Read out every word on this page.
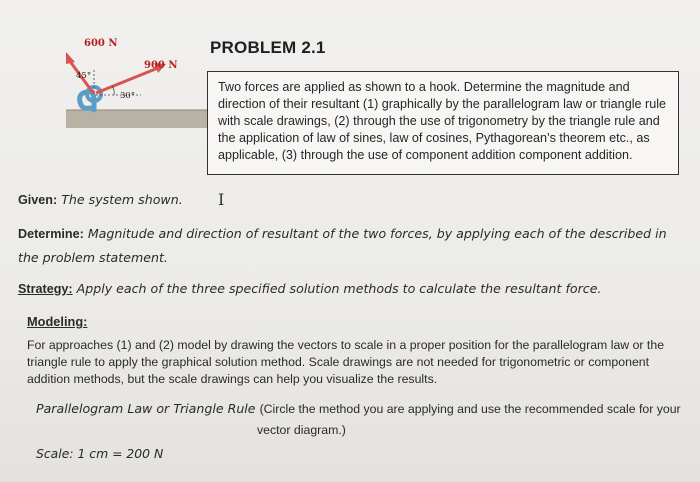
600 N
900 N
45°
30°
PROBLEM 2.1
Two forces are applied as shown to a hook. Determine the magnitude and direction of their resultant (1) graphically by the parallelogram law or triangle rule with scale drawings, (2) through the use of trigonometry by the triangle rule and the application of law of sines, law of cosines, Pythagorean’s theorem etc., as applicable, (3) through the use of component addition component addition.
Given: The system shown. I
Determine: Magnitude and direction of resultant of the two forces, by applying each of the described in the problem statement.
Strategy: Apply each of the three specified solution methods to calculate the resultant force.
Modeling:
For approaches (1) and (2) model by drawing the vectors to scale in a proper position for the parallelogram law or the triangle rule to apply the graphical solution method. Scale drawings are not needed for trigonometric or component addition methods, but the scale drawings can help you visualize the results.
Parallelogram Law or Triangle Rule (Circle the method you are applying and use the recommended scale for your
vector diagram.)
Scale: 1 cm = 200 N
